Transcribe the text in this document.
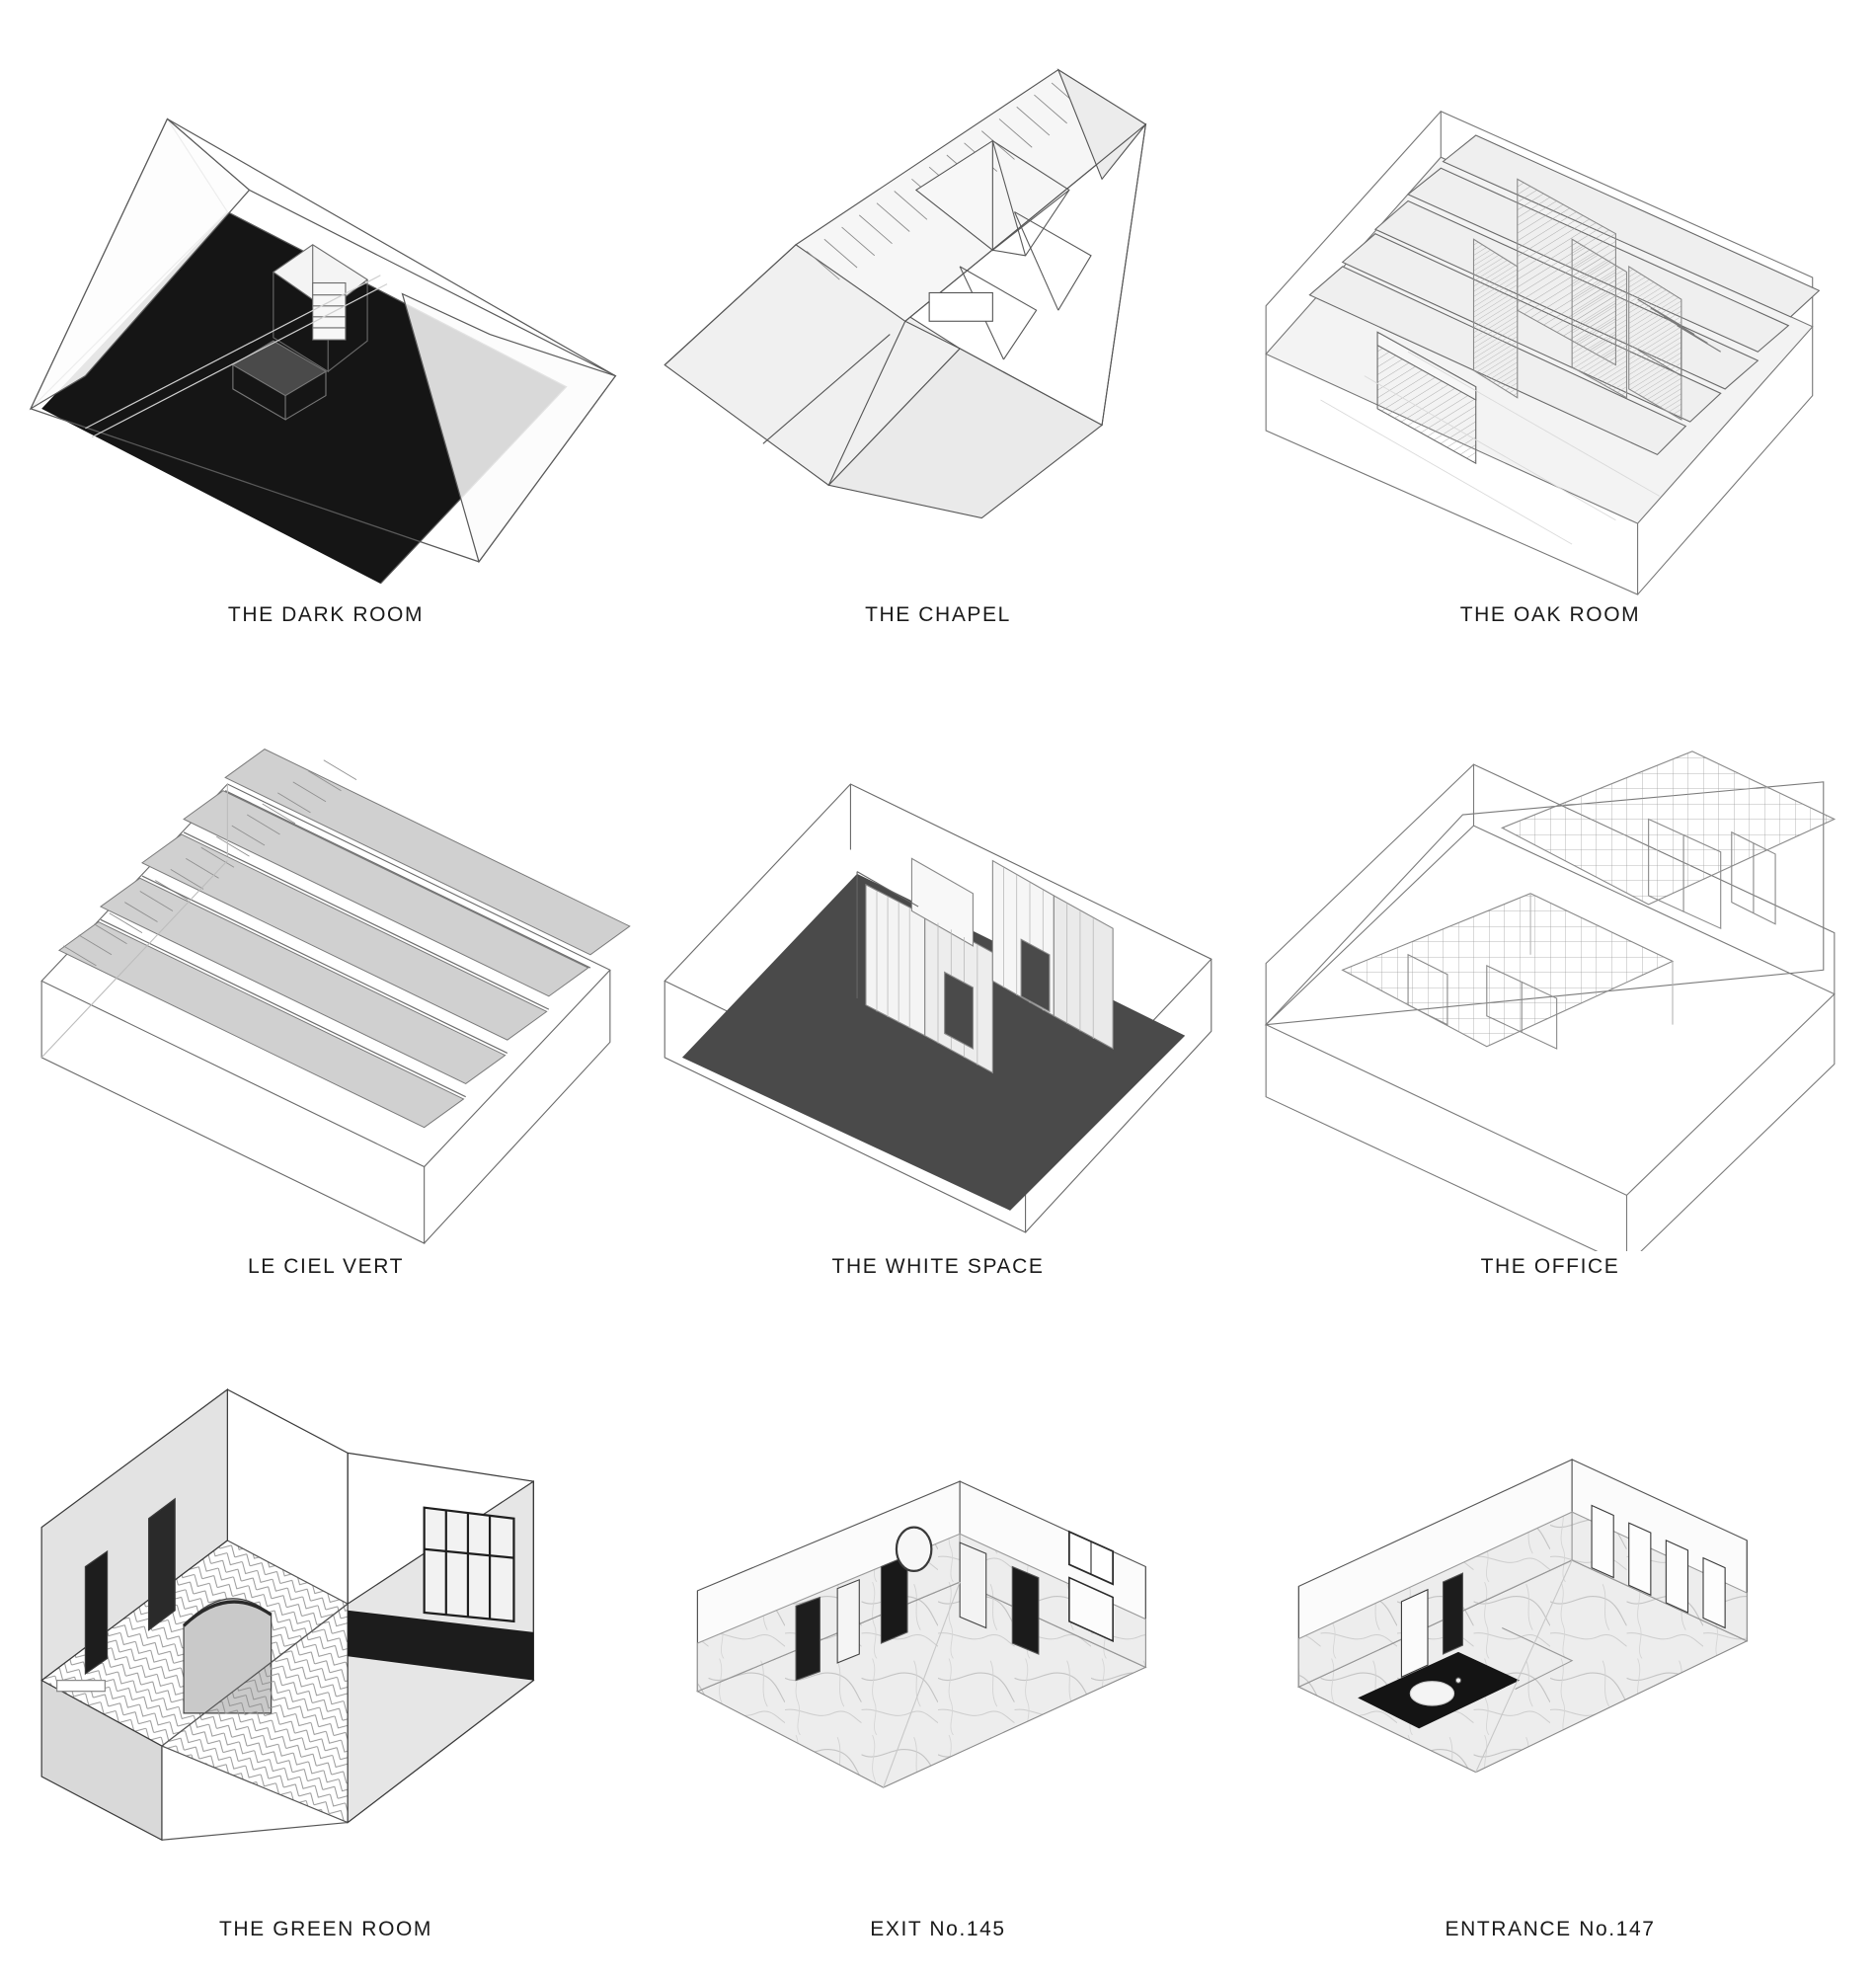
THE DARK ROOM	THE CHAPEL	THE OAK ROOM
LE CIEL VERT	THE WHITE SPACE	THE OFFICE
THE GREEN ROOM	EXIT No.145	ENTRANCE No.147
